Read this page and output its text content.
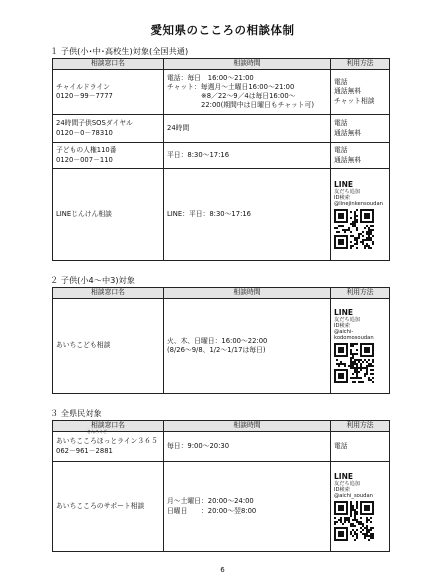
愛知県のこころの相談体制
１ 子供(小･中･高校生)対象(全国共通)
相談窓口名	相談時間	利用方法

チャイルドライン
0120－99－7777	電話：毎日　16:00～21:00
チャット：毎週月～土曜日16:00～21:00
※8／22～9／4は毎日16:00～
22:00(期間中は日曜日もチャット可)	電話
通話無料
チャット相談

24時間子供SOSダイヤル
0120－0－78310	24時間	電話
通話無料

子どもの人権110番
0120－007－110	平日：8:30～17:16	電話
通話無料

LINEじんけん相談	LINE：平日：8:30～17:16	LINE
友だち追加
ID検索
@linejinkensoudan
２ 子供(小4～中3)対象
相談窓口名	相談時間	利用方法

あいちこども相談	火、木、日曜日：16:00～22:00
(8/26～9/8、1/2～1/17は毎日)	LINE
友だち追加
ID検索
@aichi-
kodomosoudan
３ 全県民対象
相談窓口名	相談時間	利用方法

さんろくご
あいちこころほっとライン３６５
062－961－2881	毎日：9:00～20:30	電話

あいちこころのサポート相談	月～土曜日：20:00～24:00
日曜日　　：20:00～翌8:00	LINE
友だち追加
ID検索
@aichi_soudan
6
